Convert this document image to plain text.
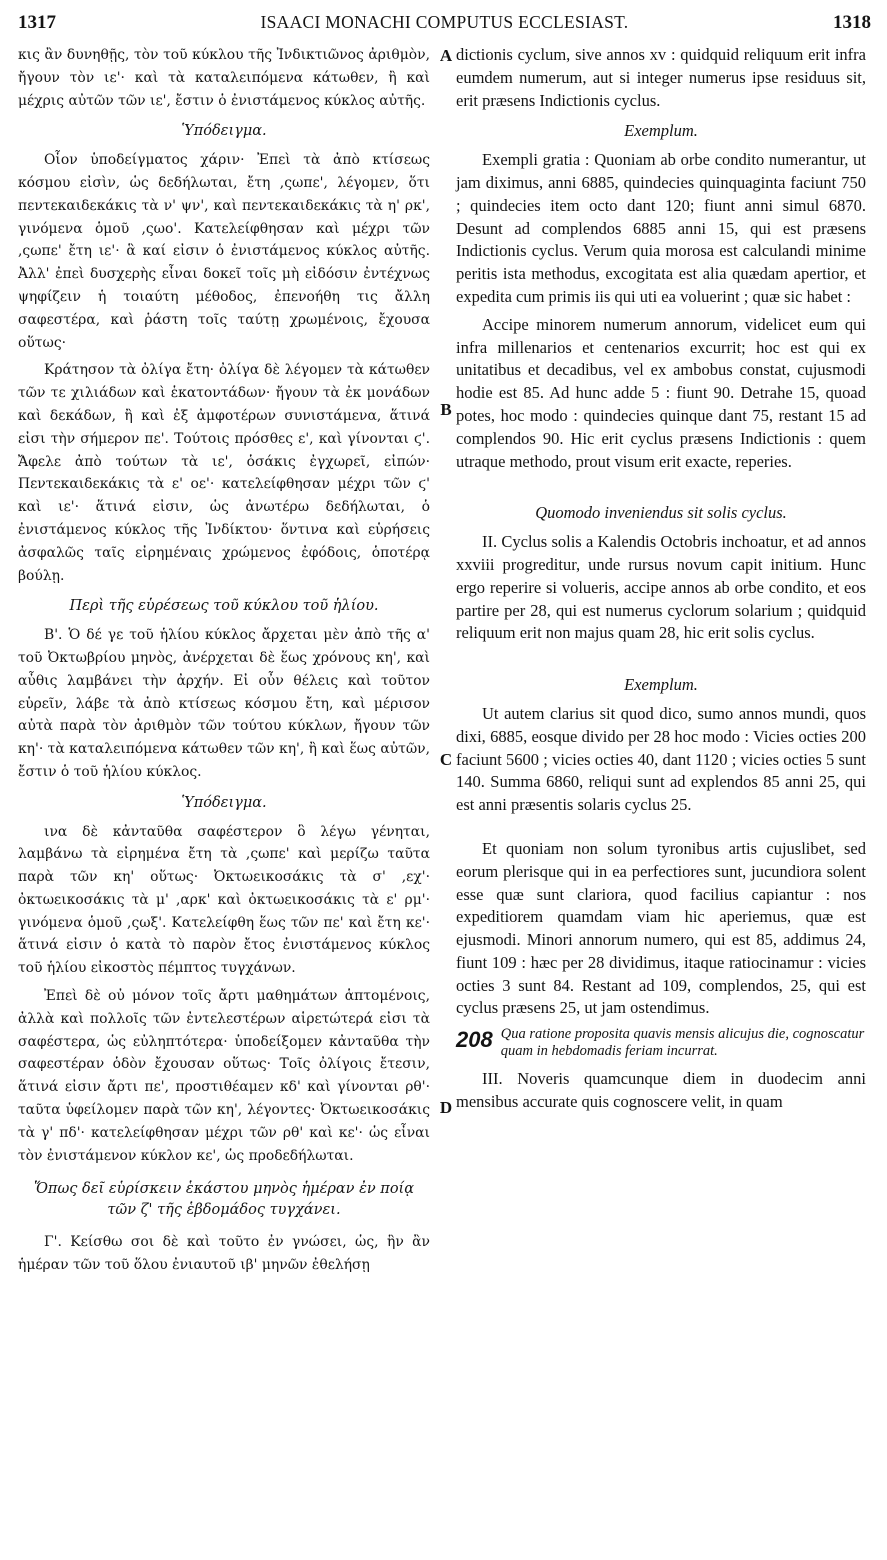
1317	ISAACI MONACHI COMPUTUS ECCLESIAST.	1318
A
B
C
D

κις ἂν δυνηθῇς, τὸν τοῦ κύκλου τῆς Ἰνδικτιῶνος ἀριθμὸν, ἤγουν τὸν ιε'· καὶ τὰ καταλειπόμενα κάτωθεν, ἢ καὶ μέχρις αὐτῶν τῶν ιε', ἔστιν ὁ ἐνιστάμενος κύκλος αὐτῆς.

Ὑπόδειγμα.

Οἷον ὑποδείγματος χάριν· Ἐπεὶ τὰ ἀπὸ κτίσεως κόσμου εἰσὶν, ὡς δεδήλωται, ἔτη ,ςωπε', λέγομεν, ὅτι πεντεκαιδεκάκις τὰ ν' ψν', καὶ πεντεκαιδεκάκις τὰ η' ρκ', γινόμενα ὁμοῦ ,ςωο'. Κατελείφθησαν καὶ μέχρι τῶν ,ςωπε' ἔτη ιε'· ἃ καί εἰσιν ὁ ἐνιστάμενος κύκλος αὐτῆς. Ἀλλ' ἐπεὶ δυσχερὴς εἶναι δοκεῖ τοῖς μὴ εἰδόσιν ἐντέχνως ψηφίζειν ἡ τοιαύτη μέθοδος, ἐπενοήθη τις ἄλλη σαφεστέρα, καὶ ῥάστη τοῖς ταύτῃ χρωμένοις, ἔχουσα οὕτως·

Κράτησον τὰ ὀλίγα ἔτη· ὀλίγα δὲ λέγομεν τὰ κάτωθεν τῶν τε χιλιάδων καὶ ἑκατοντάδων· ἤγουν τὰ ἐκ μονάδων καὶ δεκάδων, ἢ καὶ ἐξ ἀμφοτέρων συνιστάμενα, ἅτινά εἰσι τὴν σήμερον πε'. Τούτοις πρόσθες ε', καὶ γίνονται ϛ'. Ἄφελε ἀπὸ τούτων τὰ ιε', ὁσάκις ἐγχωρεῖ, εἰπών· Πεντεκαιδεκάκις τὰ ε' οε'· κατελείφθησαν μέχρι τῶν ϛ' καὶ ιε'· ἅτινά εἰσιν, ὡς ἀνωτέρω δεδήλωται, ὁ ἐνιστάμενος κύκλος τῆς Ἰνδίκτου· ὅντινα καὶ εὑρήσεις ἀσφαλῶς ταῖς εἰρημέναις χρώμενος ἐφόδοις, ὁποτέρᾳ βούλῃ.

Περὶ τῆς εὑρέσεως τοῦ κύκλου τοῦ ἡλίου.

Β'. Ὁ δέ γε τοῦ ἡλίου κύκλος ἄρχεται μὲν ἀπὸ τῆς α' τοῦ Ὀκτωβρίου μηνὸς, ἀνέρχεται δὲ ἕως χρόνους κη', καὶ αὖθις λαμβάνει τὴν ἀρχήν. Εἰ οὖν θέλεις καὶ τοῦτον εὑρεῖν, λάβε τὰ ἀπὸ κτίσεως κόσμου ἔτη, καὶ μέρισον αὐτὰ παρὰ τὸν ἀριθμὸν τῶν τούτου κύκλων, ἤγουν τῶν κη'· τὰ καταλειπόμενα κάτωθεν τῶν κη', ἢ καὶ ἕως αὐτῶν, ἔστιν ὁ τοῦ ἡλίου κύκλος.

Ὑπόδειγμα.

ινα δὲ κἀνταῦθα σαφέστερον ὃ λέγω γένηται, λαμβάνω τὰ εἰρημένα ἔτη τὰ ,ςωπε' καὶ μερίζω ταῦτα παρὰ τῶν κη' οὕτως· Ὀκτωεικοσάκις τὰ σ' ,εχ'· ὀκτωεικοσάκις τὰ μ' ,αρκ' καὶ ὀκτωεικοσάκις τὰ ε' ρμ'· γινόμενα ὁμοῦ ,ςωξ'. Κατελείφθη ἕως τῶν πε' καὶ ἔτη κε'· ἅτινά εἰσιν ὁ κατὰ τὸ παρὸν ἔτος ἐνιστάμενος κύκλος τοῦ ἡλίου εἰκοστὸς πέμπτος τυγχάνων.

Ἐπεὶ δὲ οὐ μόνον τοῖς ἄρτι μαθημάτων ἁπτομένοις, ἀλλὰ καὶ πολλοῖς τῶν ἐντελεστέρων αἱρετώτερά εἰσι τὰ σαφέστερα, ὡς εὐληπτότερα· ὑποδείξομεν κἀνταῦθα τὴν σαφεστέραν ὁδὸν ἔχουσαν οὕτως· Τοῖς ὀλίγοις ἔτεσιν, ἅτινά εἰσιν ἄρτι πε', προστιθέαμεν κδ' καὶ γίνονται ρθ'· ταῦτα ὑφείλομεν παρὰ τῶν κη', λέγοντες· Ὀκτωεικοσάκις τὰ γ' πδ'· κατελείφθησαν μέχρι τῶν ρθ' καὶ κε'· ὡς εἶναι τὸν ἐνιστάμενον κύκλον κε', ὡς προδεδήλωται.

Ὅπως δεῖ εὑρίσκειν ἑκάστου μηνὸς ἡμέραν ἐν ποίᾳ τῶν ζ' τῆς ἑβδομάδος τυγχάνει.

Γ'. Κείσθω σοι δὲ καὶ τοῦτο ἐν γνώσει, ὡς, ἣν ἂν ἡμέραν τῶν τοῦ ὅλου ἐνιαυτοῦ ιβ' μηνῶν ἐθελήσῃ

dictionis cyclum, sive annos xv : quidquid reliquum erit infra eumdem numerum, aut si integer numerus ipse residuus sit, erit præsens Indictionis cyclus.

Exemplum.

Exempli gratia : Quoniam ab orbe condito numerantur, ut jam diximus, anni 6885, quindecies quinquaginta faciunt 750 ; quindecies item octo dant 120; fiunt anni simul 6870. Desunt ad complendos 6885 anni 15, qui est præsens Indictionis cyclus. Verum quia morosa est calculandi minime peritis ista methodus, excogitata est alia quædam apertior, et expedita cum primis iis qui uti ea voluerint ; quæ sic habet :

Accipe minorem numerum annorum, videlicet eum qui infra millenarios et centenarios excurrit; hoc est qui ex unitatibus et decadibus, vel ex ambobus constat, cujusmodi hodie est 85. Ad hunc adde 5 : fiunt 90. Detrahe 15, quoad potes, hoc modo : quindecies quinque dant 75, restant 15 ad complendos 90. Hic erit cyclus præsens Indictionis : quem utraque methodo, prout visum erit exacte, reperies.

Quomodo inveniendus sit solis cyclus.

II. Cyclus solis a Kalendis Octobris inchoatur, et ad annos xxviii progreditur, unde rursus novum capit initium. Hunc ergo reperire si volueris, accipe annos ab orbe condito, et eos partire per 28, qui est numerus cyclorum solarium ; quidquid reliquum erit non majus quam 28, hic erit solis cyclus.

Exemplum.

Ut autem clarius sit quod dico, sumo annos mundi, quos dixi, 6885, eosque divido per 28 hoc modo : Vicies octies 200 faciunt 5600 ; vicies octies 40, dant 1120 ; vicies octies 5 sunt 140. Summa 6860, reliqui sunt ad explendos 85 anni 25, qui est anni præsentis solaris cyclus 25.

Et quoniam non solum tyronibus artis cujuslibet, sed eorum plerisque qui in ea perfectiores sunt, jucundiora solent esse quæ sunt clariora, quod facilius capiantur : nos expeditiorem quamdam viam hic aperiemus, quæ est ejusmodi. Minori annorum numero, qui est 85, addimus 24, fiunt 109 : hæc per 28 dividimus, itaque ratiocinamur : vicies octies 3 sunt 84. Restant ad 109, complendos, 25, qui est cyclus præsens 25, ut jam ostendimus.

208 Qua ratione proposita quavis mensis alicujus die, cognoscatur quam in hebdomadis feriam incurrat.

III. Noveris quamcunque diem in duodecim anni mensibus accurate quis cognoscere velit, in quam
